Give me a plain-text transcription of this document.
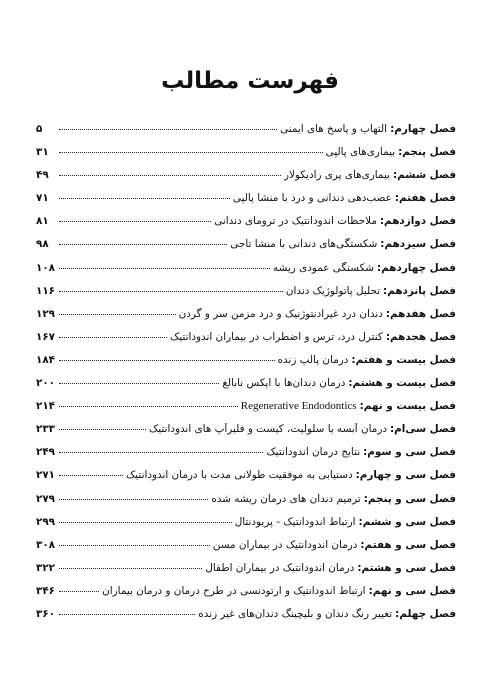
فهرست مطالب
فصل چهارم:
التهاب و پاسخ های ایمنی
۵
فصل پنجم:
بیماری‌های پالپی
۳۱
فصل ششم:
بیماری‌های پری رادیکولار
۴۹
فصل هفتم:
عصب‌دهی دندانی و درد با منشا پالپی
۷۱
فصل دوازدهم:
ملاحظات اندودانتیک در ترومای دندانی
۸۱
فصل سیزدهم:
شکستگی‌های دندانی با منشا تاجی
۹۸
فصل چهاردهم:
شکستگی عمودی ریشه
۱۰۸
فصل پانزدهم:
تحلیل پاتولوژیک دندان
۱۱۶
فصل هفدهم:
دندان درد غیرادنتوژنیک و درد مزمن سر و گردن
۱۲۹
فصل هجدهم:
کنترل درد، ترس و اضطراب در بیماران اندودانتیک
۱۶۷
فصل بیست و هفتم:
درمان پالپ زنده
۱۸۴
فصل بیست و هشتم:
درمان دندان‌ها با اپکس نابالغ
۲۰۰
فصل بیست و نهم:
Regenerative Endodontics
۲۱۴
فصل سی‌ام:
درمان آبسه یا سلولیت، کیست و فلیرآپ های اندودانتیک
۲۳۳
فصل سی و سوم:
نتایج درمان اندودانتیک
۲۴۹
فصل سی و چهارم:
دستیابی به موفقیت طولانی مدت با درمان اندودانتیک
۲۷۱
فصل سی و پنجم:
ترمیم دندان های درمان ریشه شده
۲۷۹
فصل سی و ششم:
ارتباط اندودانتیک - پریودنتال
۲۹۹
فصل سی و هفتم:
درمان اندودانتیک در بیماران مسن
۳۰۸
فصل سی و هشتم:
درمان اندودانتیک در بیماران اطفال
۳۲۲
فصل سی و نهم:
ارتباط اندودانتیک و ارتودنسی در طرح درمان و درمان بیماران
۳۴۶
فصل چهلم:
تغییر رنگ دندان و بلیچینگ دندان‌های غیر زنده
۳۶۰
